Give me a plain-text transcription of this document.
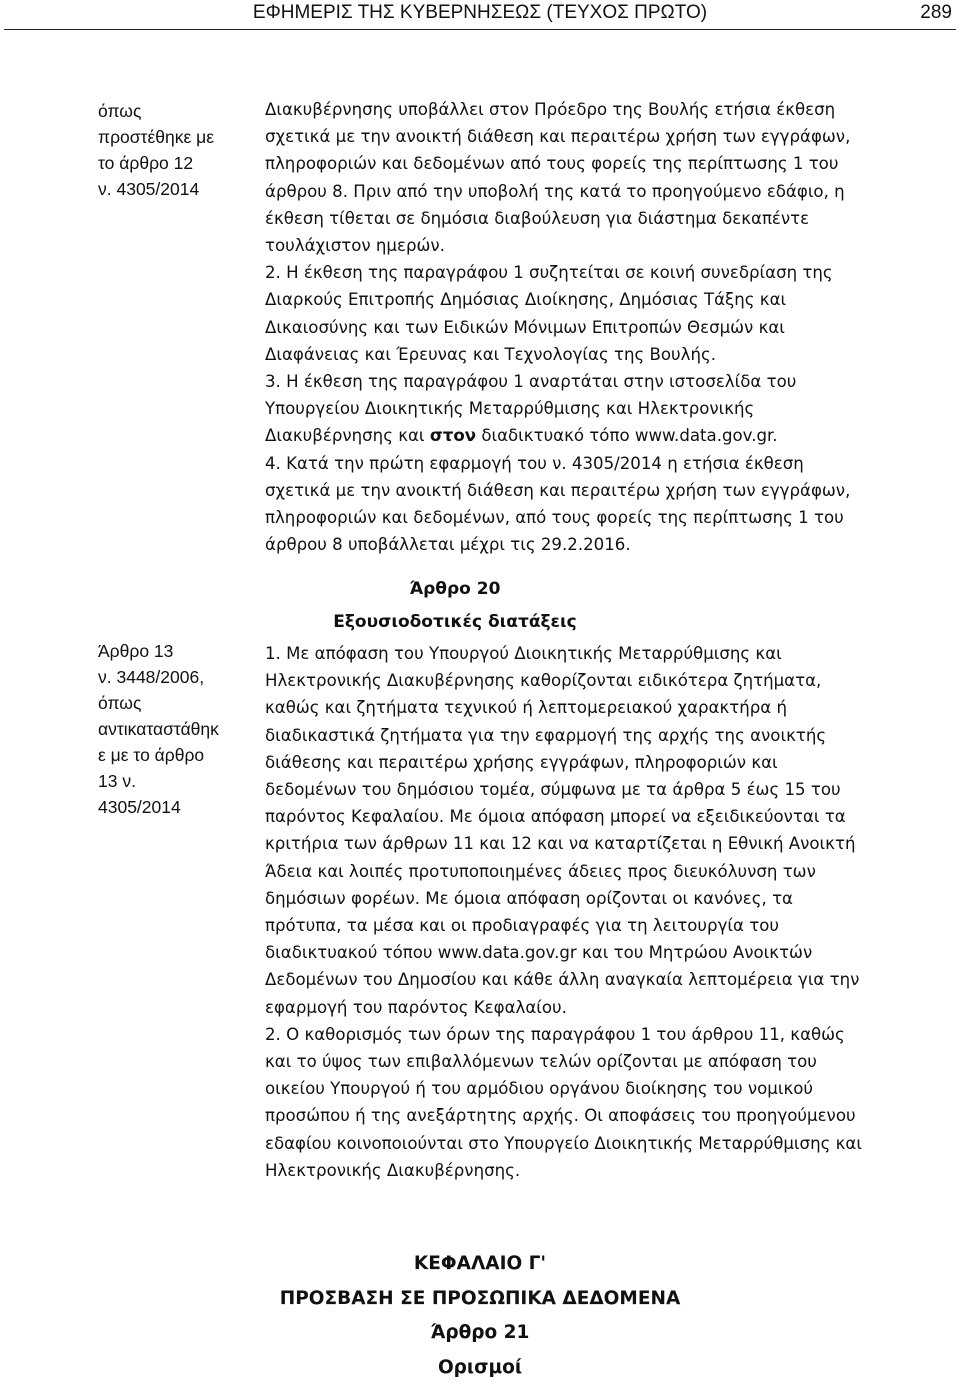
ΕΦΗΜΕΡΙΣ ΤΗΣ ΚΥΒΕΡΝΗΣΕΩΣ (ΤΕΥΧΟΣ ΠΡΩΤΟ)	289
όπως
προστέθηκε με
το άρθρο 12
ν. 4305/2014
Άρθρο 13
ν. 3448/2006,
όπως
αντικαταστάθηκ
ε με το άρθρο
13 ν.
4305/2014
Διακυβέρνησης υποβάλλει στον Πρόεδρο της Βουλής ετήσια έκθεση
σχετικά με την ανοικτή διάθεση και περαιτέρω χρήση των εγγράφων,
πληροφοριών και δεδομένων από τους φορείς της περίπτωσης 1 του
άρθρου 8. Πριν από την υποβολή της κατά το προηγούμενο εδάφιο, η
έκθεση τίθεται σε δημόσια διαβούλευση για διάστημα δεκαπέντε
τουλάχιστον ημερών.
2. Η έκθεση της παραγράφου 1 συζητείται σε κοινή συνεδρίαση της
Διαρκούς Επιτροπής Δημόσιας Διοίκησης, Δημόσιας Τάξης και
Δικαιοσύνης και των Ειδικών Μόνιμων Επιτροπών Θεσμών και
Διαφάνειας και Έρευνας και Τεχνολογίας της Βουλής.
3. Η έκθεση της παραγράφου 1 αναρτάται στην ιστοσελίδα του
Υπουργείου Διοικητικής Μεταρρύθμισης και Ηλεκτρονικής
Διακυβέρνησης και στον διαδικτυακό τόπο www.data.gov.gr.
4. Κατά την πρώτη εφαρμογή του ν. 4305/2014 η ετήσια έκθεση
σχετικά με την ανοικτή διάθεση και περαιτέρω χρήση των εγγράφων,
πληροφοριών και δεδομένων, από τους φορείς της περίπτωσης 1 του
άρθρου 8 υποβάλλεται μέχρι τις 29.2.2016.
Άρθρο 20
Εξουσιοδοτικές διατάξεις
1. Με απόφαση του Υπουργού Διοικητικής Μεταρρύθμισης και
Ηλεκτρονικής Διακυβέρνησης καθορίζονται ειδικότερα ζητήματα,
καθώς και ζητήματα τεχνικού ή λεπτομερειακού χαρακτήρα ή
διαδικαστικά ζητήματα για την εφαρμογή της αρχής της ανοικτής
διάθεσης και περαιτέρω χρήσης εγγράφων, πληροφοριών και
δεδομένων του δημόσιου τομέα, σύμφωνα με τα άρθρα 5 έως 15 του
παρόντος Κεφαλαίου. Με όμοια απόφαση μπορεί να εξειδικεύονται τα
κριτήρια των άρθρων 11 και 12 και να καταρτίζεται η Εθνική Ανοικτή
Άδεια και λοιπές προτυποποιημένες άδειες προς διευκόλυνση των
δημόσιων φορέων. Με όμοια απόφαση ορίζονται οι κανόνες, τα
πρότυπα, τα μέσα και οι προδιαγραφές για τη λειτουργία του
διαδικτυακού τόπου www.data.gov.gr και του Μητρώου Ανοικτών
Δεδομένων του Δημοσίου και κάθε άλλη αναγκαία λεπτομέρεια για την
εφαρμογή του παρόντος Κεφαλαίου.
2. Ο καθορισμός των όρων της παραγράφου 1 του άρθρου 11, καθώς
και το ύψος των επιβαλλόμενων τελών ορίζονται με απόφαση του
οικείου Υπουργού ή του αρμόδιου οργάνου διοίκησης του νομικού
προσώπου ή της ανεξάρτητης αρχής. Οι αποφάσεις του προηγούμενου
εδαφίου κοινοποιούνται στο Υπουργείο Διοικητικής Μεταρρύθμισης και
Ηλεκτρονικής Διακυβέρνησης.
ΚΕΦΑΛΑΙΟ Γ'
ΠΡΟΣΒΑΣΗ ΣΕ ΠΡΟΣΩΠΙΚΑ ΔΕΔΟΜΕΝΑ
Άρθρο 21
Ορισμοί
